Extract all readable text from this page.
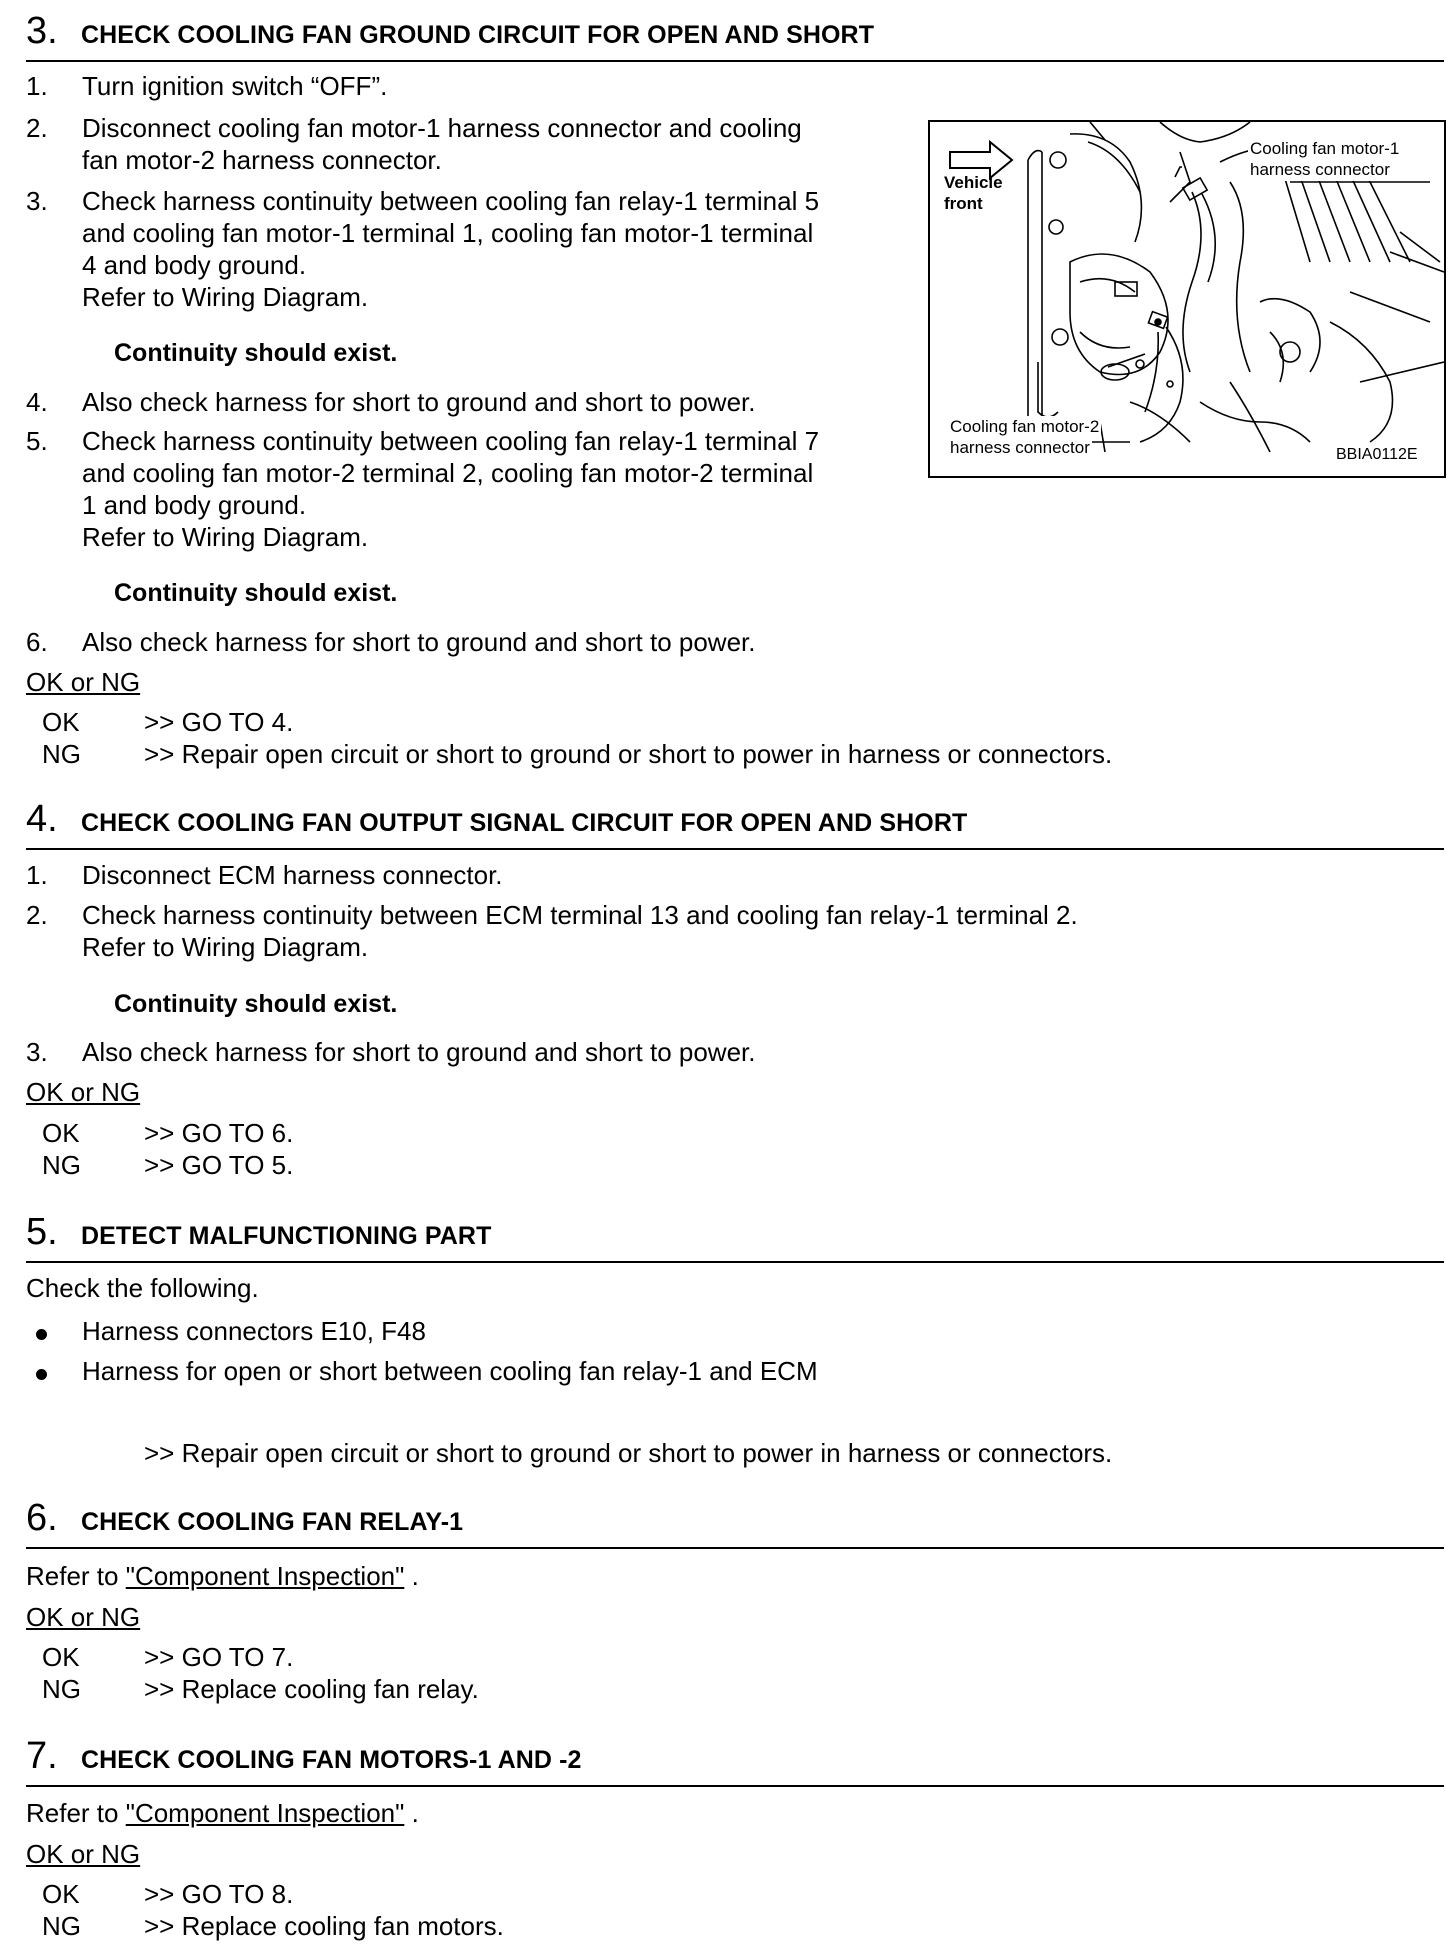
3. CHECK COOLING FAN GROUND CIRCUIT FOR OPEN AND SHORT
1. Turn ignition switch “OFF”.
2. Disconnect cooling fan motor-1 harness connector and cooling
fan motor-2 harness connector.
3. Check harness continuity between cooling fan relay-1 terminal 5
and cooling fan motor-1 terminal 1, cooling fan motor-1 terminal
4 and body ground.
Refer to Wiring Diagram.
Continuity should exist.
4. Also check harness for short to ground and short to power.
5. Check harness continuity between cooling fan relay-1 terminal 7
and cooling fan motor-2 terminal 2, cooling fan motor-2 terminal
1 and body ground.
Refer to Wiring Diagram.
Continuity should exist.
6. Also check harness for short to ground and short to power.
OK or NG
OK >> GO TO 4.
NG >> Repair open circuit or short to ground or short to power in harness or connectors.
Vehicle
front
Cooling fan motor-1
harness connector
Cooling fan motor-2
harness connector	BBIA0112E
4. CHECK COOLING FAN OUTPUT SIGNAL CIRCUIT FOR OPEN AND SHORT
1. Disconnect ECM harness connector.
2. Check harness continuity between ECM terminal 13 and cooling fan relay-1 terminal 2.
Refer to Wiring Diagram.
Continuity should exist.
3. Also check harness for short to ground and short to power.
OK or NG
OK >> GO TO 6.
NG >> GO TO 5.
5. DETECT MALFUNCTIONING PART
Check the following.
Harness connectors E10, F48
Harness for open or short between cooling fan relay-1 and ECM
>> Repair open circuit or short to ground or short to power in harness or connectors.
6. CHECK COOLING FAN RELAY-1
Refer to "Component Inspection" .
OK or NG
OK >> GO TO 7.
NG >> Replace cooling fan relay.
7. CHECK COOLING FAN MOTORS-1 AND -2
Refer to "Component Inspection" .
OK or NG
OK >> GO TO 8.
NG >> Replace cooling fan motors.
